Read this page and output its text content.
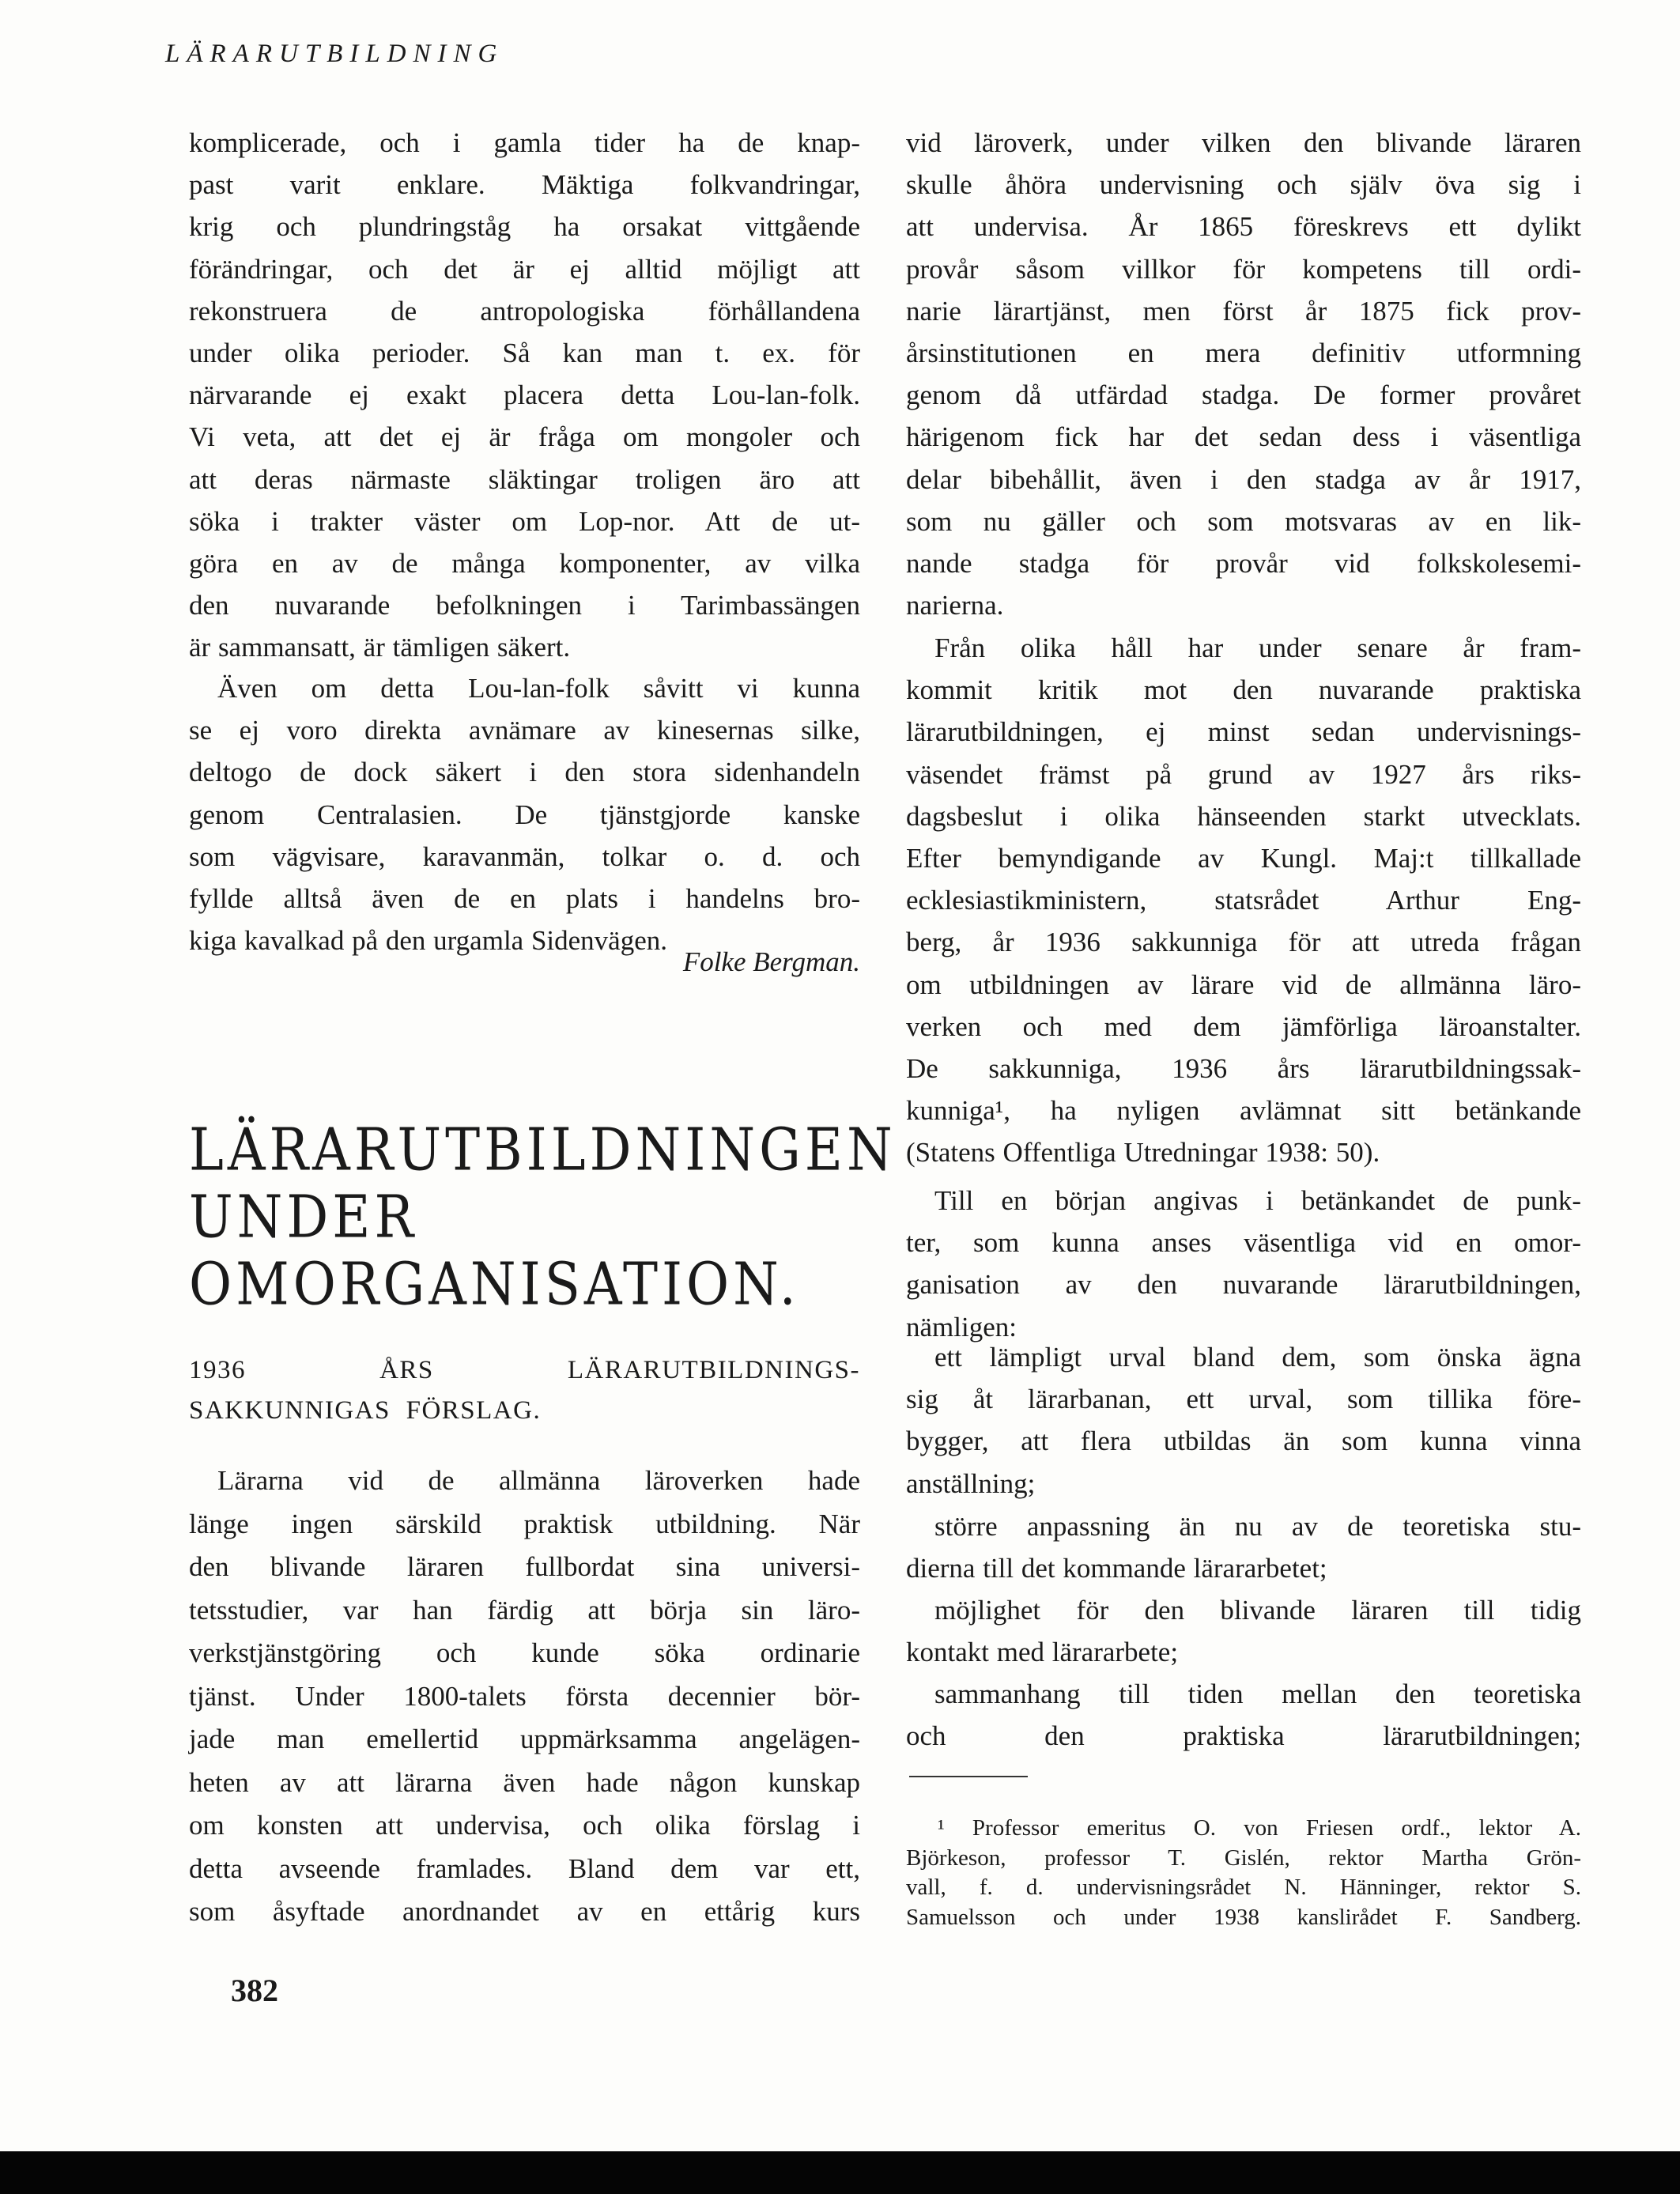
LÄRARUTBILDNING
komplicerade, och i gamla tider ha de knap-
past varit enklare. Mäktiga folkvandringar,
krig och plundringståg ha orsakat vittgående
förändringar, och det är ej alltid möjligt att
rekonstruera de antropologiska förhållandena
under olika perioder. Så kan man t. ex. för
närvarande ej exakt placera detta Lou-lan-folk.
Vi veta, att det ej är fråga om mongoler och
att deras närmaste släktingar troligen äro att
söka i trakter väster om Lop-nor. Att de ut-
göra en av de många komponenter, av vilka
den nuvarande befolkningen i Tarimbassängen
är sammansatt, är tämligen säkert.
Även om detta Lou-lan-folk såvitt vi kunna
se ej voro direkta avnämare av kinesernas silke,
deltogo de dock säkert i den stora sidenhandeln
genom Centralasien. De tjänstgjorde kanske
som vägvisare, karavanmän, tolkar o. d. och
fyllde alltså även de en plats i handelns bro-
kiga kavalkad på den urgamla Sidenvägen.
Folke Bergman.
LÄRARUTBILDNINGEN
UNDER
OMORGANISATION.
1936 ÅRS LÄRARUTBILDNINGS-
SAKKUNNIGAS FÖRSLAG.
Lärarna vid de allmänna läroverken hade
länge ingen särskild praktisk utbildning. När
den blivande läraren fullbordat sina universi-
tetsstudier, var han färdig att börja sin läro-
verkstjänstgöring och kunde söka ordinarie
tjänst. Under 1800-talets första decennier bör-
jade man emellertid uppmärksamma angelägen-
heten av att lärarna även hade någon kunskap
om konsten att undervisa, och olika förslag i
detta avseende framlades. Bland dem var ett,
som åsyftade anordnandet av en ettårig kurs
vid läroverk, under vilken den blivande läraren
skulle åhöra undervisning och själv öva sig i
att undervisa. År 1865 föreskrevs ett dylikt
provår såsom villkor för kompetens till ordi-
narie lärartjänst, men först år 1875 fick prov-
årsinstitutionen en mera definitiv utformning
genom då utfärdad stadga. De former provåret
härigenom fick har det sedan dess i väsentliga
delar bibehållit, även i den stadga av år 1917,
som nu gäller och som motsvaras av en lik-
nande stadga för provår vid folkskolesemi-
narierna.
Från olika håll har under senare år fram-
kommit kritik mot den nuvarande praktiska
lärarutbildningen, ej minst sedan undervisnings-
väsendet främst på grund av 1927 års riks-
dagsbeslut i olika hänseenden starkt utvecklats.
Efter bemyndigande av Kungl. Maj:t tillkallade
ecklesiastikministern, statsrådet Arthur Eng-
berg, år 1936 sakkunniga för att utreda frågan
om utbildningen av lärare vid de allmänna läro-
verken och med dem jämförliga läroanstalter.
De sakkunniga, 1936 års lärarutbildningssak-
kunniga¹, ha nyligen avlämnat sitt betänkande
(Statens Offentliga Utredningar 1938: 50).
Till en början angivas i betänkandet de punk-
ter, som kunna anses väsentliga vid en omor-
ganisation av den nuvarande lärarutbildningen,
nämligen:
ett lämpligt urval bland dem, som önska ägna
sig åt lärarbanan, ett urval, som tillika före-
bygger, att flera utbildas än som kunna vinna
anställning;
större anpassning än nu av de teoretiska stu-
dierna till det kommande lärararbetet;
möjlighet för den blivande läraren till tidig
kontakt med lärararbete;
sammanhang till tiden mellan den teoretiska
och den praktiska lärarutbildningen;
¹ Professor emeritus O. von Friesen ordf., lektor A.
Björkeson, professor T. Gislén, rektor Martha Grön-
vall, f. d. undervisningsrådet N. Hänninger, rektor S.
Samuelsson och under 1938 kanslirådet F. Sandberg.
382
